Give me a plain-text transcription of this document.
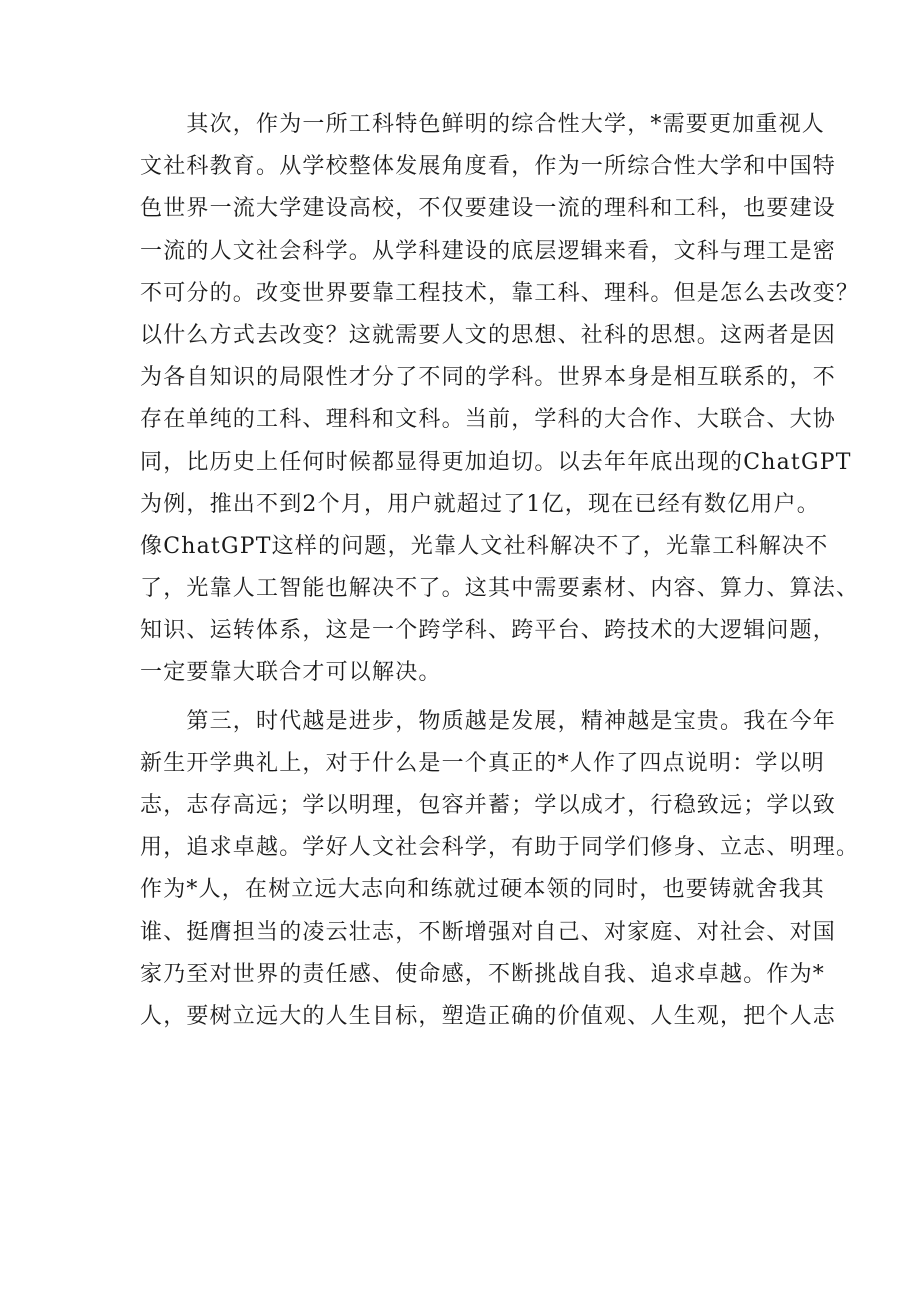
　　其次，作为一所工科特色鲜明的综合性大学，*需要更加重视人
文社科教育。从学校整体发展角度看，作为一所综合性大学和中国特
色世界一流大学建设高校，不仅要建设一流的理科和工科，也要建设
一流的人文社会科学。从学科建设的底层逻辑来看，文科与理工是密
不可分的。改变世界要靠工程技术，靠工科、理科。但是怎么去改变？
以什么方式去改变？这就需要人文的思想、社科的思想。这两者是因
为各自知识的局限性才分了不同的学科。世界本身是相互联系的，不
存在单纯的工科、理科和文科。当前，学科的大合作、大联合、大协
同，比历史上任何时候都显得更加迫切。以去年年底出现的ChatGPT
为例，推出不到2个月，用户就超过了1亿，现在已经有数亿用户。
像ChatGPT这样的问题，光靠人文社科解决不了，光靠工科解决不
了，光靠人工智能也解决不了。这其中需要素材、内容、算力、算法、
知识、运转体系，这是一个跨学科、跨平台、跨技术的大逻辑问题，
一定要靠大联合才可以解决。
　　第三，时代越是进步，物质越是发展，精神越是宝贵。我在今年
新生开学典礼上，对于什么是一个真正的*人作了四点说明：学以明
志，志存高远；学以明理，包容并蓄；学以成才，行稳致远；学以致
用，追求卓越。学好人文社会科学，有助于同学们修身、立志、明理。
作为*人，在树立远大志向和练就过硬本领的同时，也要铸就舍我其
谁、挺膺担当的凌云壮志，不断增强对自己、对家庭、对社会、对国
家乃至对世界的责任感、使命感，不断挑战自我、追求卓越。作为*
人，要树立远大的人生目标，塑造正确的价值观、人生观，把个人志
